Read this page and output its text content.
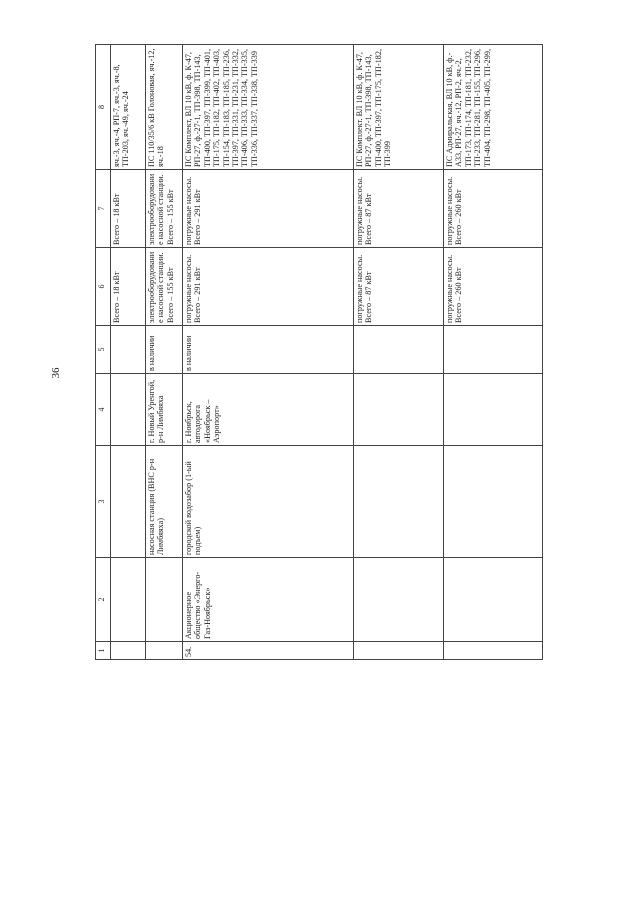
36
1	2	3	4	5	6	7	8
					Всего – 18 кВт	Всего – 18 кВт	яч.-3, яч.-4, РП-7, яч.-3, яч.-8, ТП-203, яч.-49, яч.-24
		насосная станция (ВНС р-н Лимбяяха)	г. Новый Уренгой, р-н Лимбяяха	в наличии	электрооборудование насосной станции. Всего – 155 кВт	электрооборудование насосной станции. Всего – 155 кВт	ПС 110/35/6 кВ Голоновая, яч.-12, яч.-18
54.	Акционерное общество «Энерго-Газ-Ноябрьск»	городской водозабор (1-ый подъем)	г. Ноябрьск, автодорога «Ноябрьск – Аэропорт»	в наличии	погружные насосы. Всего – 291 кВт	погружные насосы. Всего – 291 кВт	ПС Комплект, ВЛ 10 кВ, ф. К-47, РП-27, ф.-27-1, ТП-398, ТП-143, ТП-400, ТП-397, ТП-399, ТП-401, ТП-175, ТП-182, ТП-402, ТП-403, ТП-154, ТП-183, ТП-185, ТП-236, ТП-397, ТП-331, ТП-231, ТП-332, ТП-406, ТП-333, ТП-334, ТП-335, ТП-336, ТП-337, ТП-338, ТП-339
					погружные насосы. Всего – 87 кВт	погружные насосы. Всего – 87 кВт	ПС Комплект. ВЛ 10 кВ, ф. К-47, РП-27, ф.-27-1, ТП-398, ТП-143, ТП-400, ТП-397, ТП-175, ТП-182, ТП-399
					погружные насосы. Всего – 260 кВт	погружные насосы. Всего – 260 кВт	ПС Адмиральская, ВЛ 10 кВ, ф.-А33, РП-27, яч.-12, РП-2, яч.-2, ТП-173, ТП-174, ТП-181, ТП-232, ТП-233, ТП-281, ТП-155, ТП-296, ТП-404, ТП-298, ТП-405, ТП-299,
